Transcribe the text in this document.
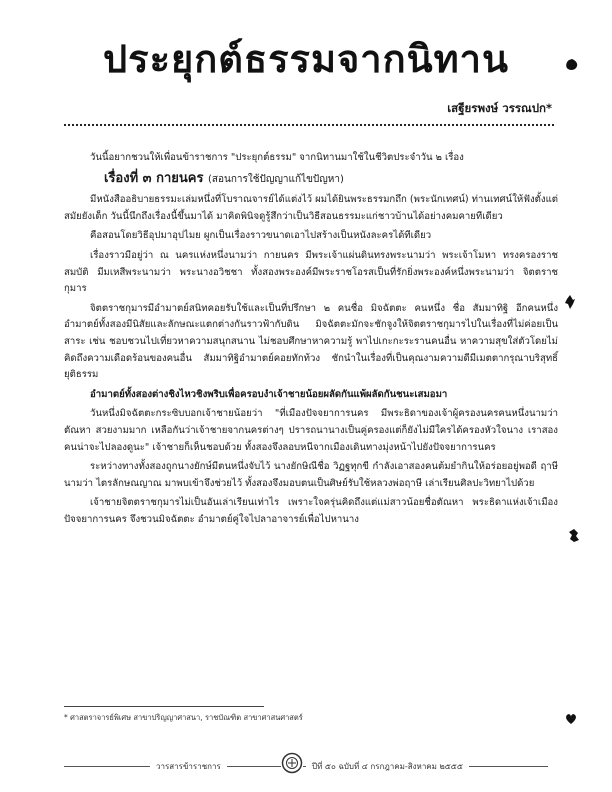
ประยุกต์ธรรมจากนิทาน
เสฐียรพงษ์ วรรณปก*

วันนี้อยากชวนให้เพื่อนข้าราชการ "ประยุกต์ธรรม" จากนิทานมาใช้ในชีวิตประจำวัน ๒ เรื่อง

เรื่องที่ ๓ กายนคร (สอนการใช้ปัญญาแก้ไขปัญหา)

มีหนังสืออธิบายธรรมะเล่มหนึ่งที่โบราณจารย์ได้แต่งไว้ ผมได้ยินพระธรรมกถึก (พระนักเทศน์) ท่านเทศน์ให้ฟังตั้งแต่สมัยยังเด็ก วันนี้นึกถึงเรื่องนี้ขึ้นมาได้ มาคิดพินิจดูรู้สึกว่าเป็นวิธีสอนธรรมะแก่ชาวบ้านได้อย่างคมคายทีเดียว

คือสอนโดยวิธีอุปมาอุปไมย ผูกเป็นเรื่องราวขนาดเอาไปสร้างเป็นหนังละครได้ทีเดียว

เรื่องราวมีอยู่ว่า ณ นครแห่งหนึ่งนามว่า กายนคร มีพระเจ้าแผ่นดินทรงพระนามว่า พระเจ้าโมหา ทรงครองราชสมบัติ มีมเหสีพระนามว่า พระนางอวิชชา ทั้งสองพระองค์มีพระราชโอรสเป็นที่รักยิ่งพระองค์หนึ่งพระนามว่า จิตตราชกุมาร

จิตตราชกุมารมีอำมาตย์สนิทคอยรับใช้และเป็นที่ปรึกษา ๒ คนชื่อ มิจฉัตตะ คนหนึ่ง ชื่อ สัมมาทิฐิ อีกคนหนึ่ง อำมาตย์ทั้งสองมีนิสัยและลักษณะแตกต่างกันราวฟ้ากับดิน มิจฉัตตะมักจะชักจูงให้จิตตราชกุมารไปในเรื่องที่ไม่ค่อยเป็นสาระ เช่น ชอบชวนไปเที่ยวหาความสนุกสนาน ไม่ชอบศึกษาหาความรู้ พาไปเกะกะระรานคนอื่น หาความสุขใส่ตัวโดยไม่คิดถึงความเดือดร้อนของคนอื่น สัมมาทิฐิอำมาตย์คอยทักท้วง ชักนำในเรื่องที่เป็นคุณงามความดีมีเมตตากรุณาบริสุทธิ์ยุติธรรม

อำมาตย์ทั้งสองต่างชิงไหวชิงพริบเพื่อครอบงำเจ้าชายน้อยผลัดกันแพ้ผลัดกันชนะเสมอมา

วันหนึ่งมิจฉัตตะกระซิบบอกเจ้าชายน้อยว่า "ที่เมืองปัจจยาการนคร มีพระธิดาของเจ้าผู้ครองนครคนหนึ่งนามว่า ตัณหา สวยงามมาก เหลือกันว่าเจ้าชายจากนครต่างๆ ปรารถนานางเป็นคู่ครองแต่ก็ยังไม่มีใครได้ครองหัวใจนาง เราสองคนน่าจะไปลองดูนะ" เจ้าชายก็เห็นชอบด้วย ทั้งสองจึงลอบหนีจากเมืองเดินทางมุ่งหน้าไปยังปัจจยาการนคร

ระหว่างทางทั้งสองถูกนางยักษ์มีตนหนึ่งจับไว้ นางยักษิณีชื่อ วิฏฐทุกขี กำลังเอาสองคนต้มยำกินให้อร่อยอยู่พอดี ฤาษีนามว่า ไตรลักษณญาณ มาพบเข้าจึงช่วยไว้ ทั้งสองจึงมอบตนเป็นศิษย์รับใช้หลวงพ่อฤาษี เล่าเรียนศิลปะวิทยาไปด้วย

เจ้าชายจิตตราชกุมารไม่เป็นอันเล่าเรียนเท่าไร เพราะใจครุ่นคิดถึงแต่แม่สาวน้อยชื่อตัณหา พระธิดาแห่งเจ้าเมืองปัจจยาการนคร จึงชวนมิจฉัตตะ อำมาตย์คู่ใจไปลาอาจารย์เพื่อไปหานาง

* ศาสตราจารย์พิเศษ สาขาปริญญาศาสนา, ราชบัณฑิต สาขาศาสนศาสตร์
วารสารข้าราชการ	ปีที่ ๕๐ ฉบับที่ ๔ กรกฎาคม-สิงหาคม ๒๕๕๕
